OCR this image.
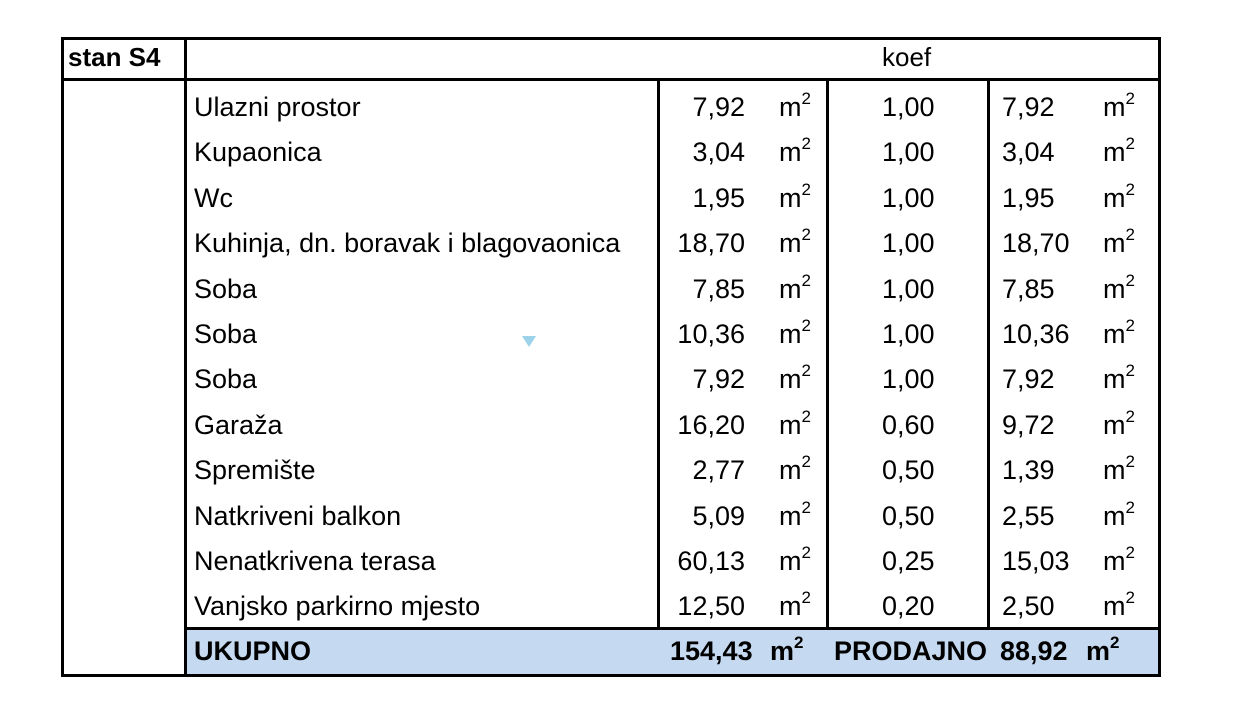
stan S4	koef
Ulazni prostor	7,92 $m^2$	1,00 7,92 $m^2$
Kupaonica	3,04 $m^2$	1,00 3,04 $m^2$
Wc	1,95 $m^2$	1,00 1,95 $m^2$
Kuhinja, dn. boravak i blagovaonica 18,70 $m^2$	1,00 18,70 $m^2$
Soba	7,85 $m^2$	1,00 7,85 $m^2$
Soba	10,36 $m^2$	1,00 10,36 $m^2$
Soba	7,92 $m^2$	1,00 7,92 $m^2$
Garaža	16,20 $m^2$	0,60 9,72 $m^2$
Spremište	2,77 $m^2$	0,50 1,39 $m^2$
Natkriveni balkon	5,09 $m^2$	0,50 2,55 $m^2$
Nenatkrivena terasa	60,13 $m^2$	0,25 15,03 $m^2$
Vanjsko parkirno mjesto	12,50 $m^2$	0,20 2,50 $m^2$
UKUPNO	154,43 $m^2$ PRODAJNO 88,92 $m^2$
